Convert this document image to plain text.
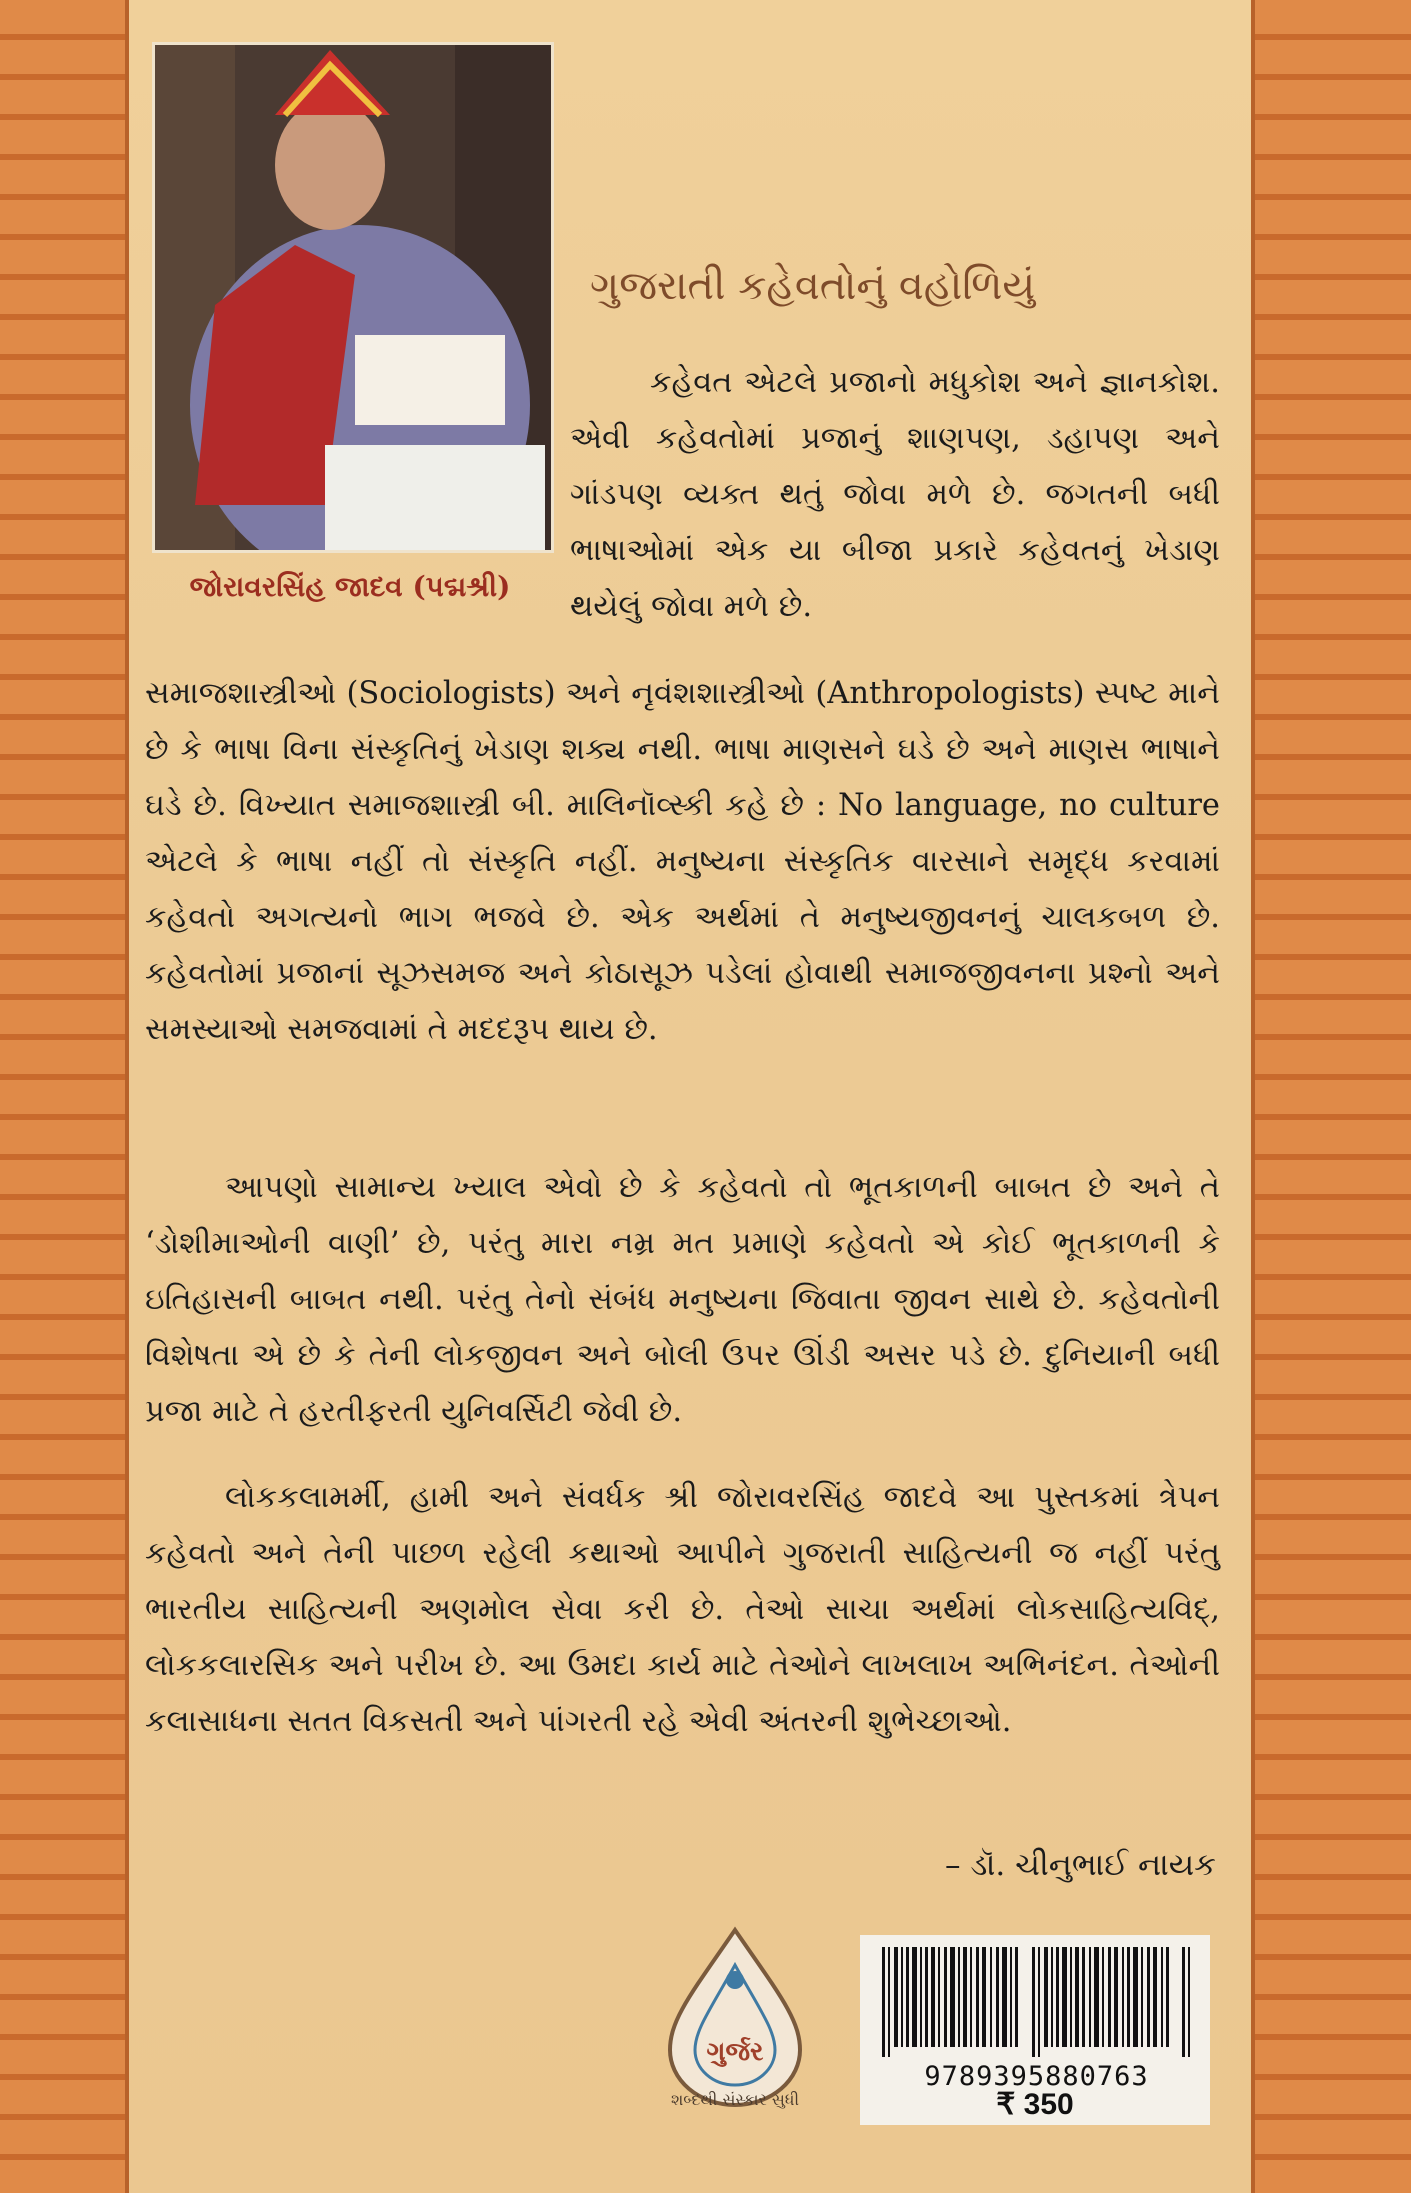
જોરાવરસિંહ જાદવ (પદ્મશ્રી)
ગુજરાતી કહેવતોનું વહોળિયું
કહેવત એટલે પ્રજાનો મધુકોશ અને જ્ઞાનકોશ. એવી કહેવતોમાં પ્રજાનું શાણપણ, ડહાપણ અને ગાંડપણ વ્યક્ત થતું જોવા મળે છે. જગતની બધી ભાષાઓમાં એક યા બીજા પ્રકારે કહેવતનું ખેડાણ થયેલું જોવા મળે છે.
સમાજશાસ્ત્રીઓ (Sociologists) અને નૃવંશશાસ્ત્રીઓ (Anthropologists) સ્પષ્ટ માને છે કે ભાષા વિના સંસ્કૃતિનું ખેડાણ શક્ય નથી. ભાષા માણસને ઘડે છે અને માણસ ભાષાને ઘડે છે. વિખ્યાત સમાજશાસ્ત્રી બી. માલિનૉવ્સ્કી કહે છે : No language, no culture એટલે કે ભાષા નહીં તો સંસ્કૃતિ નહીં. મનુષ્યના સંસ્કૃતિક વારસાને સમૃદ્ધ કરવામાં કહેવતો અગત્યનો ભાગ ભજવે છે. એક અર્થમાં તે મનુષ્યજીવનનું ચાલકબળ છે. કહેવતોમાં પ્રજાનાં સૂઝસમજ અને કોઠાસૂઝ પડેલાં હોવાથી સમાજજીવનના પ્રશ્નો અને સમસ્યાઓ સમજવામાં તે મદદરૂપ થાય છે.
આપણો સામાન્ય ખ્યાલ એવો છે કે કહેવતો તો ભૂતકાળની બાબત છે અને તે ‘ડોશીમાઓની વાણી’ છે, પરંતુ મારા નમ્ર મત પ્રમાણે કહેવતો એ કોઈ ભૂતકાળની કે ઇતિહાસની બાબત નથી. પરંતુ તેનો સંબંધ મનુષ્યના જિવાતા જીવન સાથે છે. કહેવતોની વિશેષતા એ છે કે તેની લોકજીવન અને બોલી ઉપર ઊંડી અસર પડે છે. દુનિયાની બધી પ્રજા માટે તે હરતીફરતી યુનિવર્સિટી જેવી છે.
લોકકલામર્મી, હામી અને સંવર્ધક શ્રી જોરાવરસિંહ જાદવે આ પુસ્તકમાં ત્રેપન કહેવતો અને તેની પાછળ રહેલી કથાઓ આપીને ગુજરાતી સાહિત્યની જ નહીં પરંતુ ભારતીય સાહિત્યની અણમોલ સેવા કરી છે. તેઓ સાચા અર્થમાં લોકસાહિત્યવિદ્, લોકકલારસિક અને પરીખ છે. આ ઉમદા કાર્ય માટે તેઓને લાખલાખ અભિનંદન. તેઓની કલાસાધના સતત વિકસતી અને પાંગરતી રહે એવી અંતરની શુભેચ્છાઓ.
– ડૉ. ચીનુભાઈ નાયક
ગુર્જર
શબ્દથી સંસ્કાર સુધી
9789395880763
₹ 350
